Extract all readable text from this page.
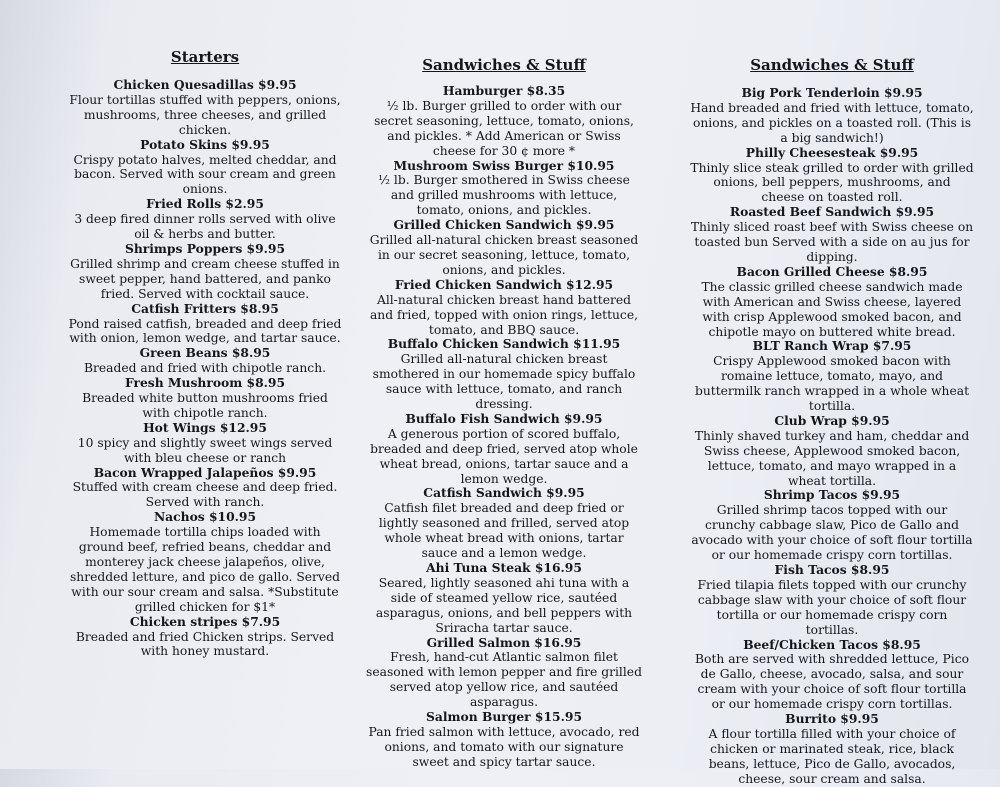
Starters
Chicken Quesadillas $9.95
Flour tortillas stuffed with peppers, onions, mushrooms, three cheeses, and grilled chicken.
Potato Skins $9.95
Crispy potato halves, melted cheddar, and bacon. Served with sour cream and green onions.
Fried Rolls $2.95
3 deep fired dinner rolls served with olive oil & herbs and butter.
Shrimps Poppers $9.95
Grilled shrimp and cream cheese stuffed in sweet pepper, hand battered, and panko fried. Served with cocktail sauce.
Catfish Fritters $8.95
Pond raised catfish, breaded and deep fried with onion, lemon wedge, and tartar sauce.
Green Beans $8.95
Breaded and fried with chipotle ranch.
Fresh Mushroom $8.95
Breaded white button mushrooms fried with chipotle ranch.
Hot Wings $12.95
10 spicy and slightly sweet wings served with bleu cheese or ranch
Bacon Wrapped Jalapeños $9.95
Stuffed with cream cheese and deep fried. Served with ranch.
Nachos $10.95
Homemade tortilla chips loaded with ground beef, refried beans, cheddar and monterey jack cheese jalapeños, olive, shredded letture, and pico de gallo. Served with our sour cream and salsa. *Substitute grilled chicken for $1*
Chicken stripes $7.95
Breaded and fried Chicken strips. Served with honey mustard.
Sandwiches & Stuff
Hamburger $8.35
½ lb. Burger grilled to order with our secret seasoning, lettuce, tomato, onions, and pickles. * Add American or Swiss cheese for 30 ¢ more *
Mushroom Swiss Burger $10.95
½ lb. Burger smothered in Swiss cheese and grilled mushrooms with lettuce, tomato, onions, and pickles.
Grilled Chicken Sandwich $9.95
Grilled all-natural chicken breast seasoned in our secret seasoning, lettuce, tomato, onions, and pickles.
Fried Chicken Sandwich $12.95
All-natural chicken breast hand battered and fried, topped with onion rings, lettuce, tomato, and BBQ sauce.
Buffalo Chicken Sandwich $11.95
Grilled all-natural chicken breast smothered in our homemade spicy buffalo sauce with lettuce, tomato, and ranch dressing.
Buffalo Fish Sandwich $9.95
A generous portion of scored buffalo, breaded and deep fried, served atop whole wheat bread, onions, tartar sauce and a lemon wedge.
Catfish Sandwich $9.95
Catfish filet breaded and deep fried or lightly seasoned and frilled, served atop whole wheat bread with onions, tartar sauce and a lemon wedge.
Ahi Tuna Steak $16.95
Seared, lightly seasoned ahi tuna with a side of steamed yellow rice, sautéed asparagus, onions, and bell peppers with Sriracha tartar sauce.
Grilled Salmon $16.95
Fresh, hand-cut Atlantic salmon filet seasoned with lemon pepper and fire grilled served atop yellow rice, and sautéed asparagus.
Salmon Burger $15.95
Pan fried salmon with lettuce, avocado, red onions, and tomato with our signature sweet and spicy tartar sauce.
Sandwiches & Stuff
Big Pork Tenderloin $9.95
Hand breaded and fried with lettuce, tomato, onions, and pickles on a toasted roll. (This is a big sandwich!)
Philly Cheesesteak $9.95
Thinly slice steak grilled to order with grilled onions, bell peppers, mushrooms, and cheese on toasted roll.
Roasted Beef Sandwich $9.95
Thinly sliced roast beef with Swiss cheese on toasted bun Served with a side on au jus for dipping.
Bacon Grilled Cheese $8.95
The classic grilled cheese sandwich made with American and Swiss cheese, layered with crisp Applewood smoked bacon, and chipotle mayo on buttered white bread.
BLT Ranch Wrap $7.95
Crispy Applewood smoked bacon with romaine lettuce, tomato, mayo, and buttermilk ranch wrapped in a whole wheat tortilla.
Club Wrap $9.95
Thinly shaved turkey and ham, cheddar and Swiss cheese, Applewood smoked bacon, lettuce, tomato, and mayo wrapped in a wheat tortilla.
Shrimp Tacos $9.95
Grilled shrimp tacos topped with our crunchy cabbage slaw, Pico de Gallo and avocado with your choice of soft flour tortilla or our homemade crispy corn tortillas.
Fish Tacos $8.95
Fried tilapia filets topped with our crunchy cabbage slaw with your choice of soft flour tortilla or our homemade crispy corn tortillas.
Beef/Chicken Tacos $8.95
Both are served with shredded lettuce, Pico de Gallo, cheese, avocado, salsa, and sour cream with your choice of soft flour tortilla or our homemade crispy corn tortillas.
Burrito $9.95
A flour tortilla filled with your choice of chicken or marinated steak, rice, black beans, lettuce, Pico de Gallo, avocados, cheese, sour cream and salsa.
